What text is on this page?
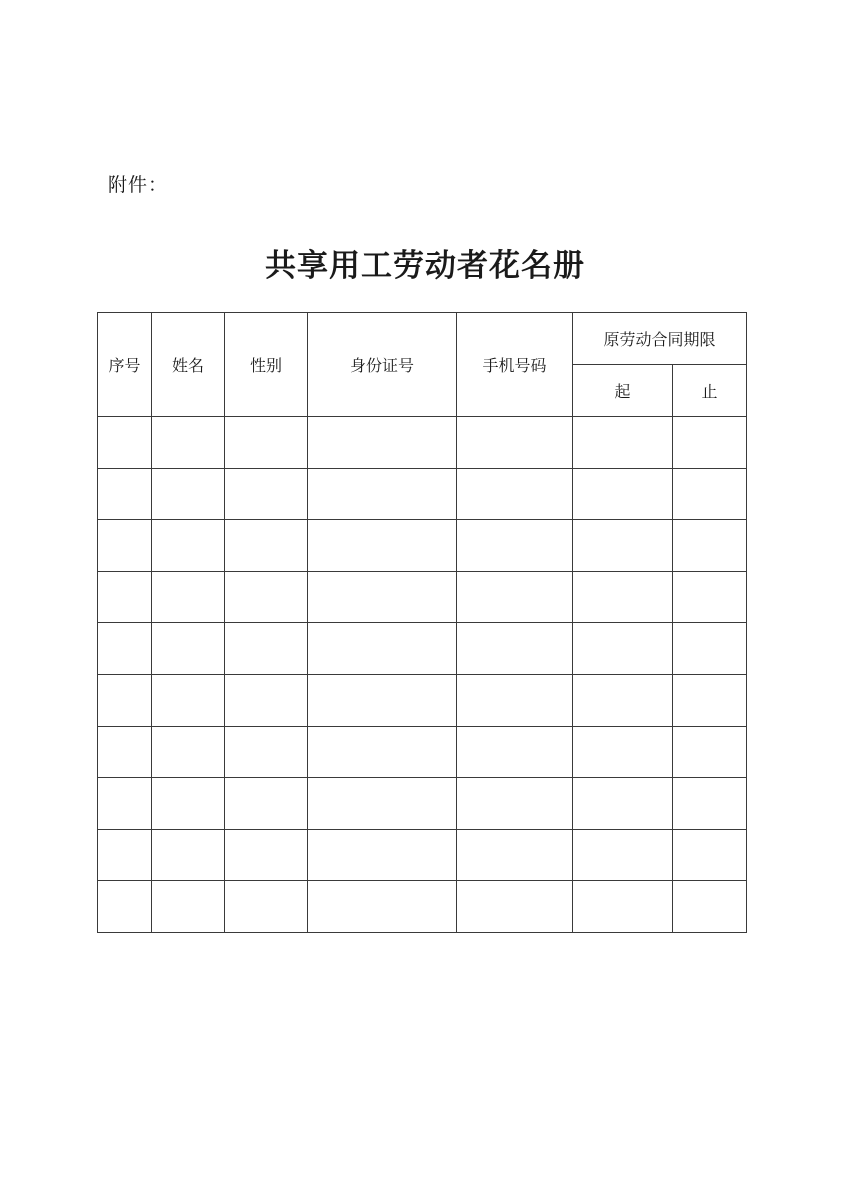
附件：
共享用工劳动者花名册
序号	姓名	性别	身份证号	手机号码	原劳动合同期限	
					起	止
